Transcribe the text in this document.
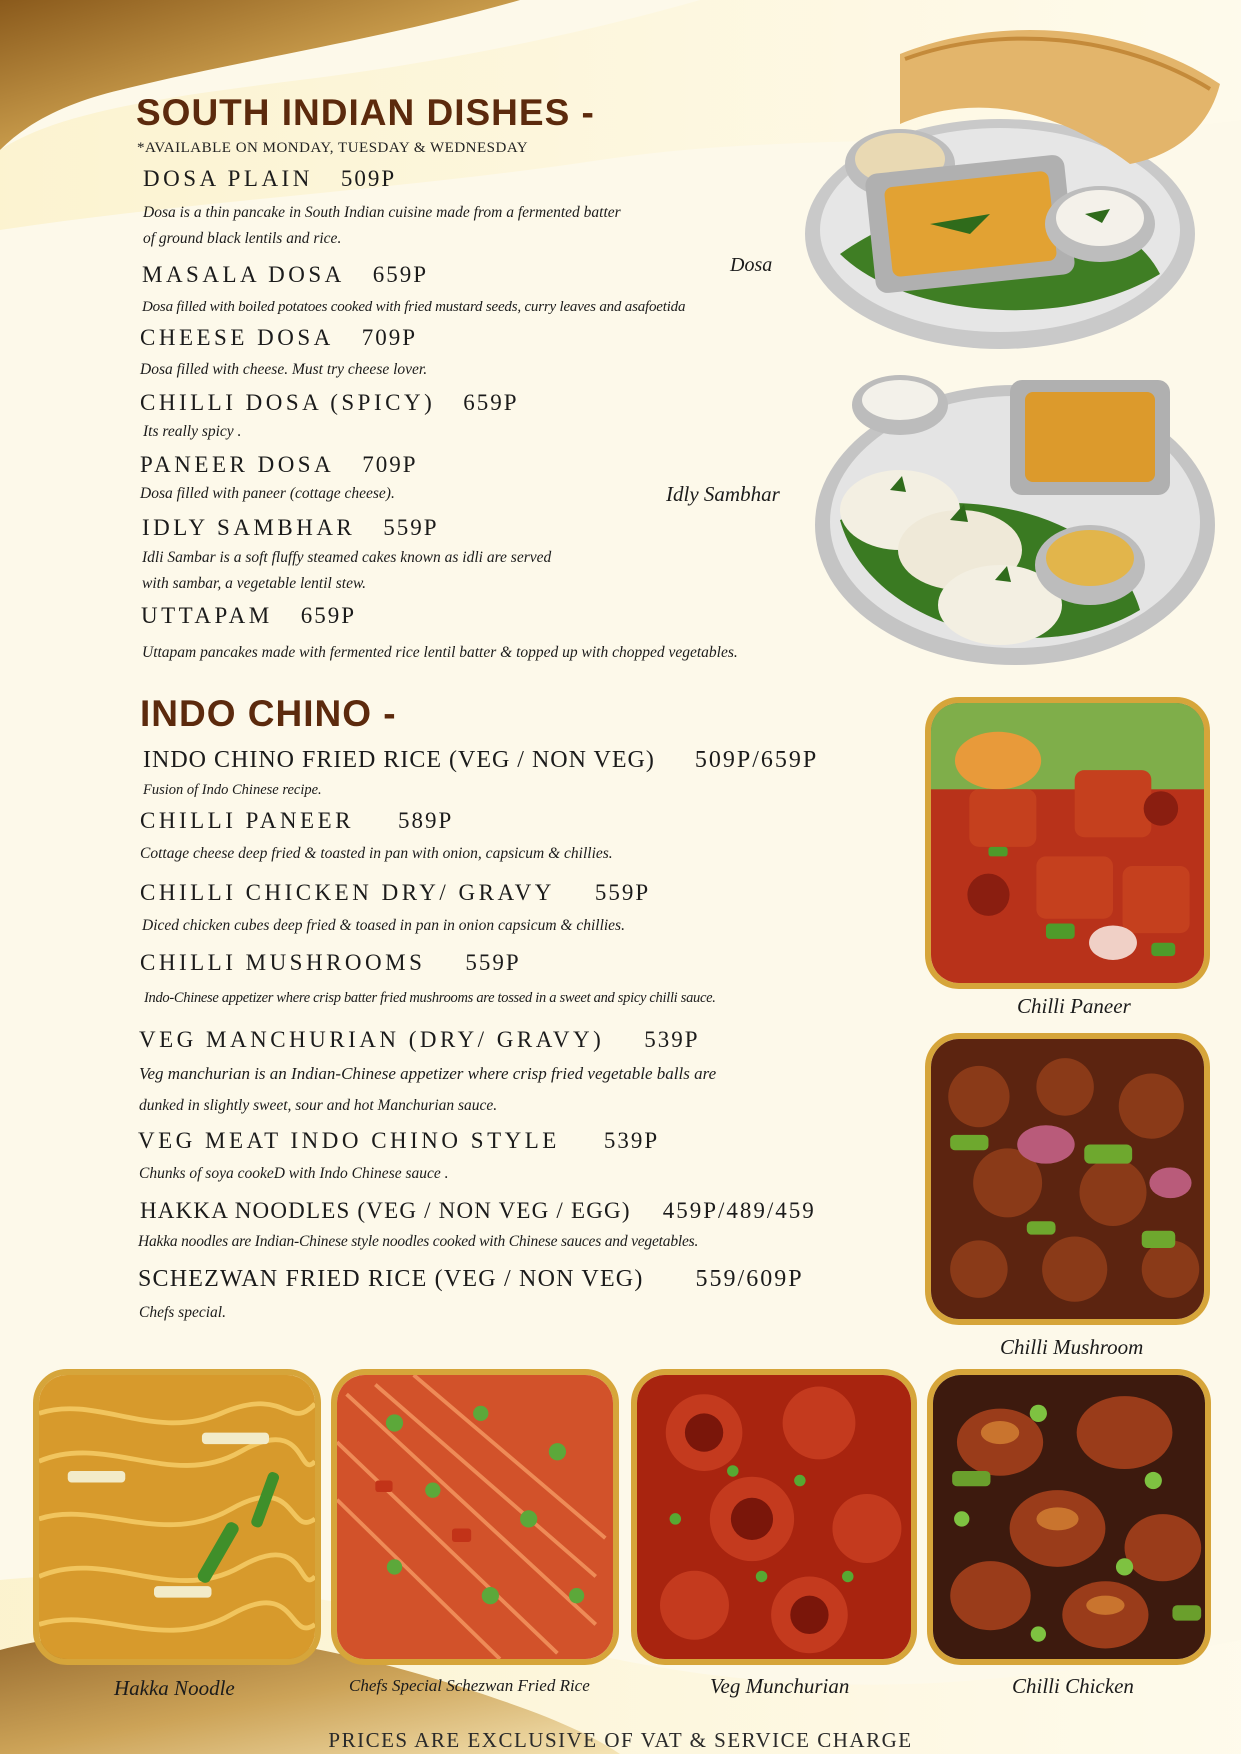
SOUTH INDIAN DISHES -
*AVAILABLE ON MONDAY, TUESDAY & WEDNESDAY
DOSA PLAIN 509P
Dosa is a thin pancake in South Indian cuisine made from a fermented batter
of ground black lentils and rice.
MASALA DOSA 659P
Dosa filled with boiled potatoes cooked with fried mustard seeds, curry leaves and asafoetida
CHEESE DOSA 709P
Dosa filled with cheese. Must try cheese lover.
CHILLI DOSA (SPICY) 659P
Its really spicy .
PANEER DOSA 709P
Dosa filled with paneer (cottage cheese).
IDLY SAMBHAR 559P
Idli Sambar is a soft fluffy steamed cakes known as idli are served
with sambar, a vegetable lentil stew.
UTTAPAM 659P
Uttapam pancakes made with fermented rice lentil batter & topped up with chopped vegetables.
Dosa
Idly Sambhar
INDO CHINO -
INDO CHINO FRIED RICE (VEG / NON VEG) 509P/659P
Fusion of Indo Chinese recipe.
CHILLI PANEER 589P
Cottage cheese deep fried & toasted in pan with onion, capsicum & chillies.
CHILLI CHICKEN DRY/ GRAVY 559P
Diced chicken cubes deep fried & toased in pan in onion capsicum & chillies.
CHILLI MUSHROOMS 559P
Indo-Chinese appetizer where crisp batter fried mushrooms are tossed in a sweet and spicy chilli sauce.
VEG MANCHURIAN (DRY/ GRAVY) 539P
Veg manchurian is an Indian-Chinese appetizer where crisp fried vegetable balls are
dunked in slightly sweet, sour and hot Manchurian sauce.
VEG MEAT INDO CHINO STYLE 539P
Chunks of soya cookeD with Indo Chinese sauce .
HAKKA NOODLES (VEG / NON VEG / EGG) 459P/489/459
Hakka noodles are Indian-Chinese style noodles cooked with Chinese sauces and vegetables.
SCHEZWAN FRIED RICE (VEG / NON VEG) 559/609P
Chefs special.
Chilli Paneer
Chilli Mushroom
Hakka Noodle	Chefs Special Schezwan Fried Rice	Veg Munchurian	Chilli Chicken
PRICES ARE EXCLUSIVE OF VAT & SERVICE CHARGE
